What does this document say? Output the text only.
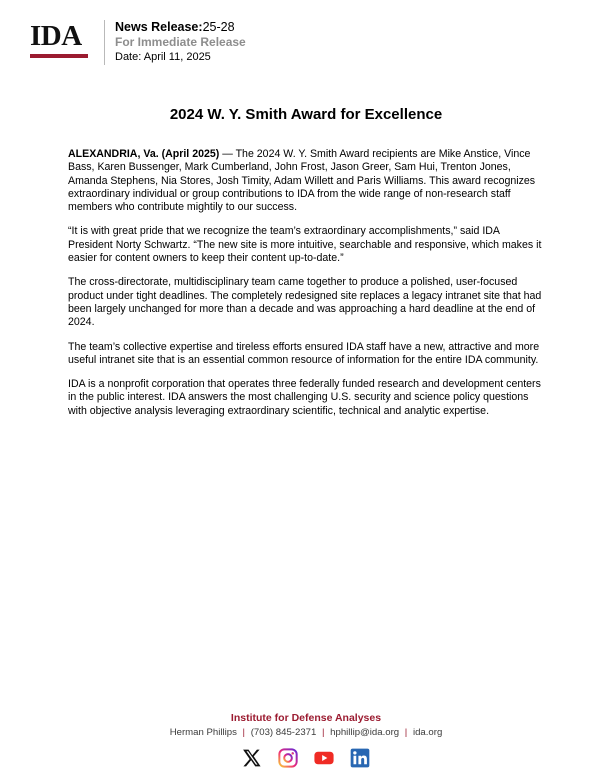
IDA	News Release:25-28
For Immediate Release
Date: April 11, 2025
2024 W. Y. Smith Award for Excellence

ALEXANDRIA, Va. (April 2025) — The 2024 W. Y. Smith Award recipients are Mike Anstice, Vince Bass, Karen Bussenger, Mark Cumberland, John Frost, Jason Greer, Sam Hui, Trenton Jones, Amanda Stephens, Nia Stores, Josh Timity, Adam Willett and Paris Williams. This award recognizes extraordinary individual or group contributions to IDA from the wide range of non-research staff members who contribute mightily to our success.

“It is with great pride that we recognize the team’s extraordinary accomplishments,” said IDA President Norty Schwartz. “The new site is more intuitive, searchable and responsive, which makes it easier for content owners to keep their content up-to-date.”

The cross-directorate, multidisciplinary team came together to produce a polished, user-focused product under tight deadlines. The completely redesigned site replaces a legacy intranet site that had been largely unchanged for more than a decade and was approaching a hard deadline at the end of 2024.

The team’s collective expertise and tireless efforts ensured IDA staff have a new, attractive and more useful intranet site that is an essential common resource of information for the entire IDA community.

IDA is a nonprofit corporation that operates three federally funded research and development centers in the public interest. IDA answers the most challenging U.S. security and science policy questions with objective analysis leveraging extraordinary scientific, technical and analytic expertise.

Institute for Defense Analyses
Herman Phillips | (703) 845-2371 | hphillip@ida.org | ida.org
